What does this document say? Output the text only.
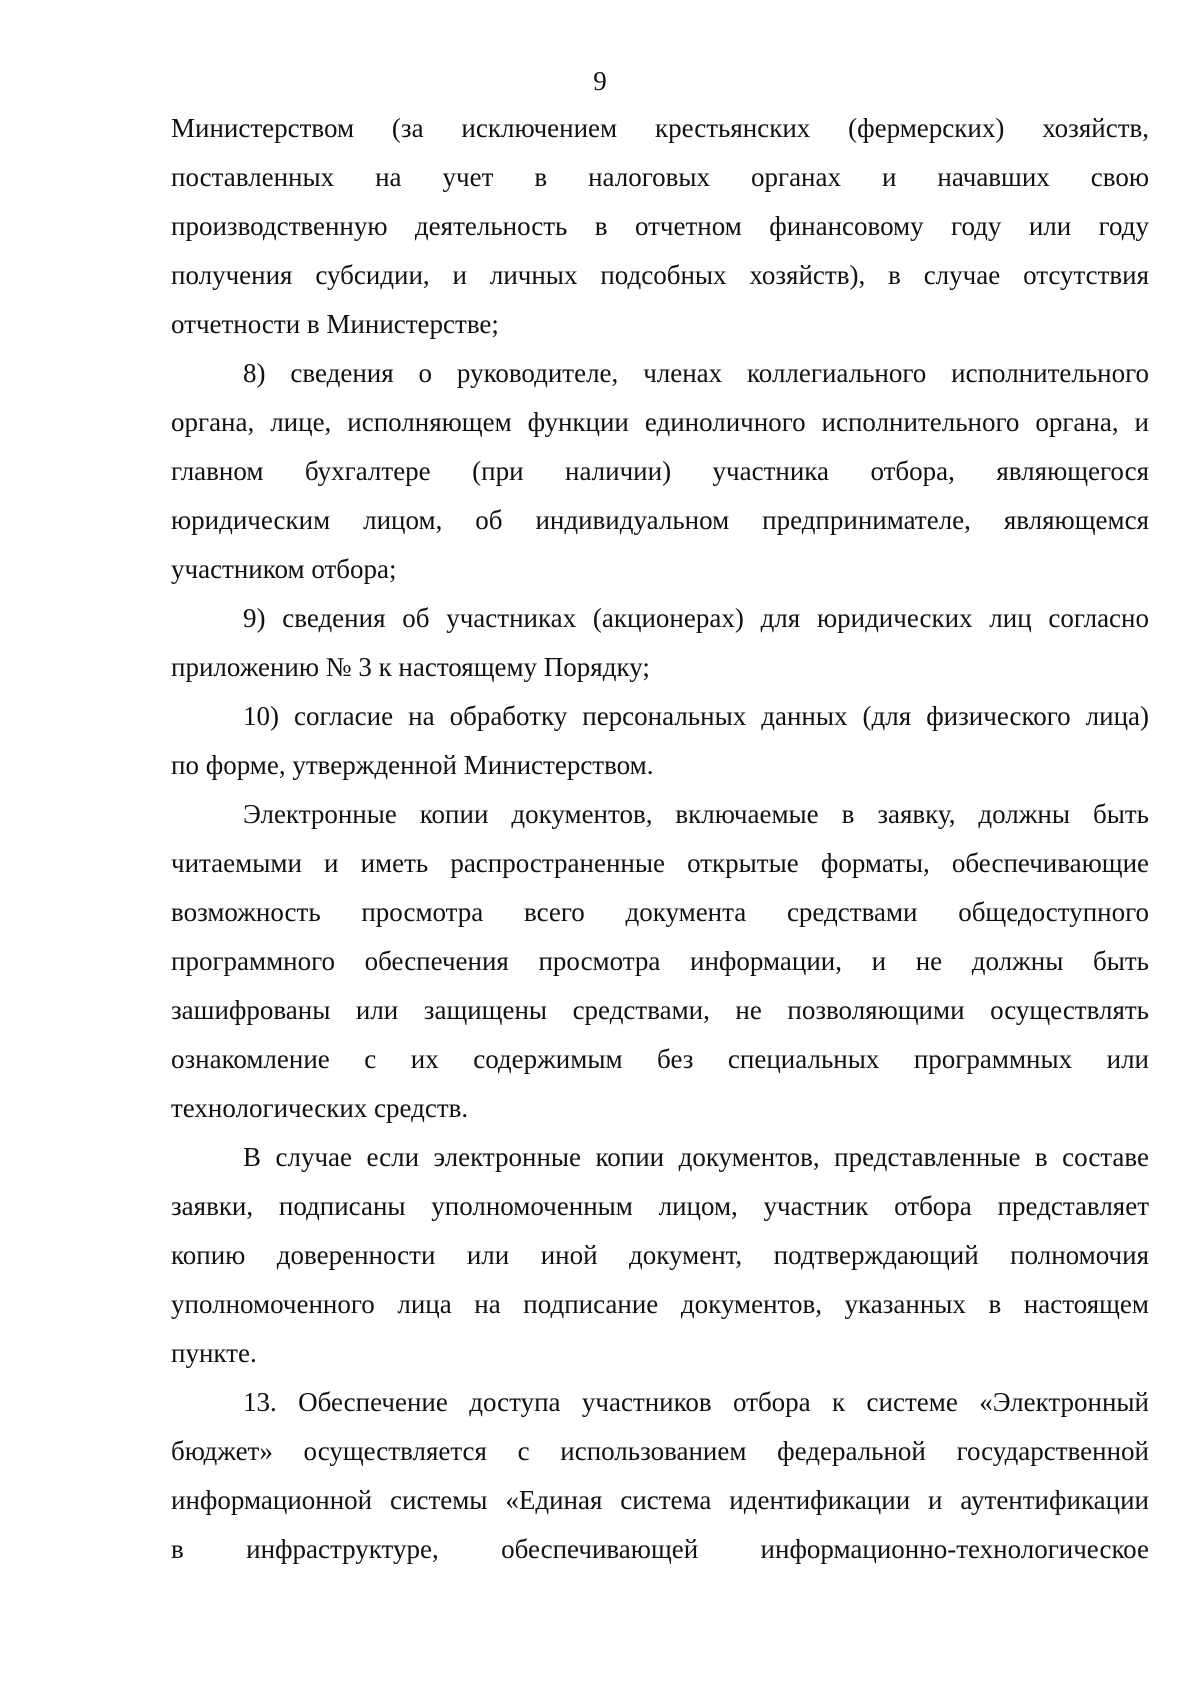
9
Министерством (за исключением крестьянских (фермерских) хозяйств,
поставленных на учет в налоговых органах и начавших свою
производственную деятельность в отчетном финансовому году или году
получения субсидии, и личных подсобных хозяйств), в случае отсутствия
отчетности в Министерстве;
8) сведения о руководителе, членах коллегиального исполнительного
органа, лице, исполняющем функции единоличного исполнительного органа, и
главном бухгалтере (при наличии) участника отбора, являющегося
юридическим лицом, об индивидуальном предпринимателе, являющемся
участником отбора;
9) сведения об участниках (акционерах) для юридических лиц согласно
приложению № 3 к настоящему Порядку;
10) согласие на обработку персональных данных (для физического лица)
по форме, утвержденной Министерством.
Электронные копии документов, включаемые в заявку, должны быть
читаемыми и иметь распространенные открытые форматы, обеспечивающие
возможность просмотра всего документа средствами общедоступного
программного обеспечения просмотра информации, и не должны быть
зашифрованы или защищены средствами, не позволяющими осуществлять
ознакомление с их содержимым без специальных программных или
технологических средств.
В случае если электронные копии документов, представленные в составе
заявки, подписаны уполномоченным лицом, участник отбора представляет
копию доверенности или иной документ, подтверждающий полномочия
уполномоченного лица на подписание документов, указанных в настоящем
пункте.
13. Обеспечение доступа участников отбора к системе «Электронный
бюджет» осуществляется с использованием федеральной государственной
информационной системы «Единая система идентификации и аутентификации
в инфраструктуре, обеспечивающей информационно-технологическое
